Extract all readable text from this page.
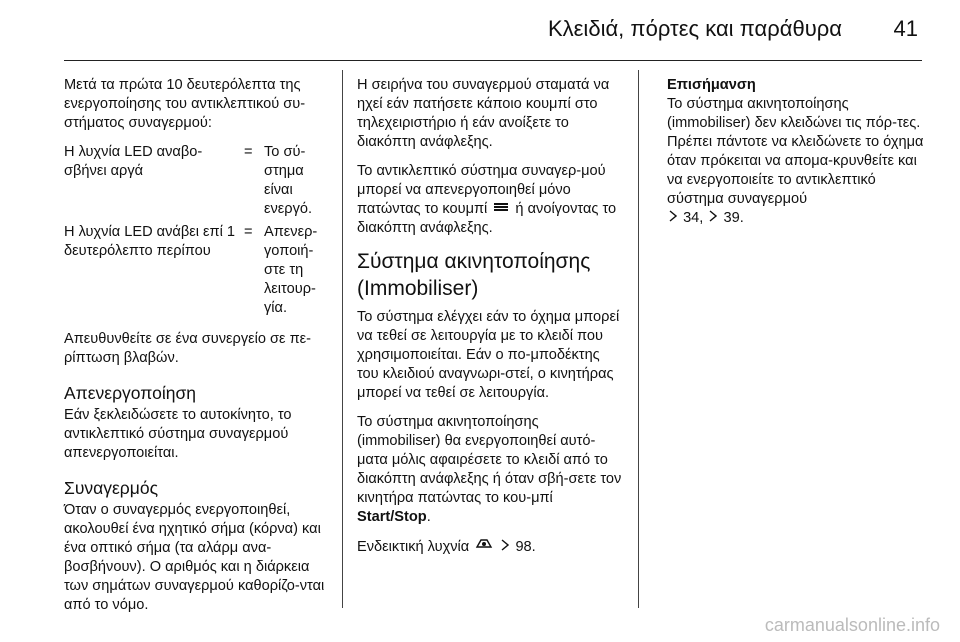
Κλειδιά, πόρτες και παράθυρα 41

Μετά τα πρώτα 10 δευτερόλεπτα της ενεργοποίησης του αντικλεπτικού συ-στήματος συναγερμού:

Η λυχνία LED αναβο-σβήνει αργά
= Το σύ-στημα είναι ενεργό.
Η λυχνία LED ανάβει επί 1 δευτερόλεπτο περίπου
= Απενερ-γοποιή-στε τη λειτουρ-γία.

Απευθυνθείτε σε ένα συνεργείο σε πε-ρίπτωση βλαβών.

Απενεργοποίηση

Εάν ξεκλειδώσετε το αυτοκίνητο, το αντικλεπτικό σύστημα συναγερμού απενεργοποιείται.

Συναγερμός

Όταν ο συναγερμός ενεργοποιηθεί, ακολουθεί ένα ηχητικό σήμα (κόρνα) και ένα οπτικό σήμα (τα αλάρμ ανα-βοσβήνουν). Ο αριθμός και η διάρκεια των σημάτων συναγερμού καθορίζο-νται από το νόμο.

Η σειρήνα του συναγερμού σταματά να ηχεί εάν πατήσετε κάποιο κουμπί στο τηλεχειριστήριο ή εάν ανοίξετε το διακόπτη ανάφλεξης.

Το αντικλεπτικό σύστημα συναγερ-μού μπορεί να απενεργοποιηθεί μόνο πατώντας το κουμπί ή ανοίγοντας το διακόπτη ανάφλεξης.

Σύστημα ακινητοποίησης (Immobiliser)

Το σύστημα ελέγχει εάν το όχημα μπορεί να τεθεί σε λειτουργία με το κλειδί που χρησιμοποιείται. Εάν ο πο-μποδέκτης του κλειδιού αναγνωρι-στεί, ο κινητήρας μπορεί να τεθεί σε λειτουργία.

Το σύστημα ακινητοποίησης (immobiliser) θα ενεργοποιηθεί αυτό-ματα μόλις αφαιρέσετε το κλειδί από το διακόπτη ανάφλεξης ή όταν σβή-σετε τον κινητήρα πατώντας το κου-μπί Start/Stop.

Ενδεικτική λυχνία	98.

Επισήμανση
Το σύστημα ακινητοποίησης (immobiliser) δεν κλειδώνει τις πόρ-τες. Πρέπει πάντοτε να κλειδώνετε το όχημα όταν πρόκειται να απομα-κρυνθείτε και να ενεργοποιείτε το αντικλεπτικό σύστημα συναγερμού
34, 39.

carmanualsonline.info
